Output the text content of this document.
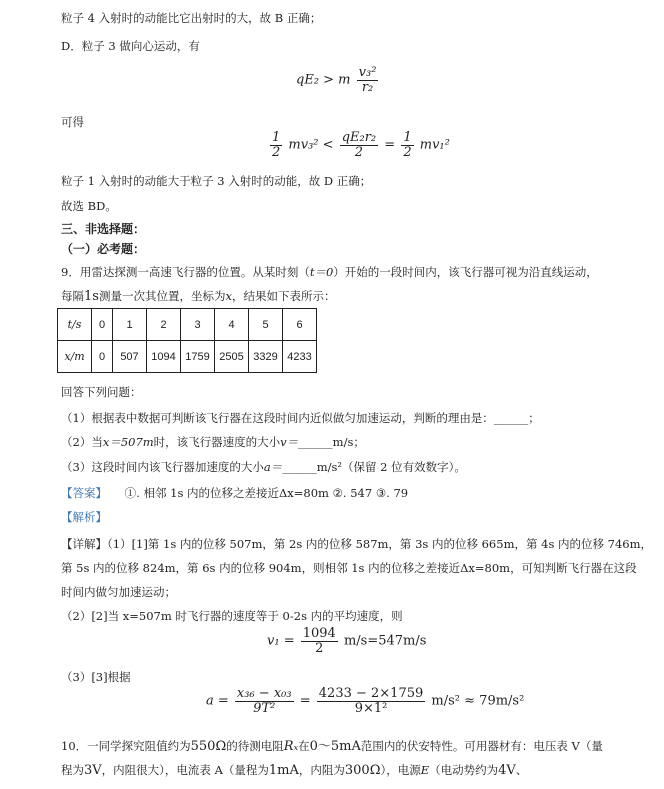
粒子 4 入射时的动能比它出射时的大，故 B 正确；
D．粒子 3 做向心运动，有
qE₂ > m $\frac{\text{v₃²}}{\text{r₂}}$
可得
$\frac{1}{2} mv_3^2 < \frac{\text{qE₂r₂}}{2} = \frac{1}{2} mv_1^2$
粒子 1 入射时的动能大于粒子 3 入射时的动能，故 D 正确；
故选 BD。
三、非选择题：
（一）必考题：
9．用雷达探测一高速飞行器的位置。从某时刻（t＝0）开始的一段时间内，该飞行器可视为沿直线运动，
每隔1s测量一次其位置，坐标为x，结果如下表所示：
t/s	0	1	2	3	4	5	6
x/m	0	507	1094	1759	2505	3329	4233
回答下列问题：
（1）根据表中数据可判断该飞行器在这段时间内近似做匀加速运动，判断的理由是：______；
（2）当x＝507m时，该飞行器速度的大小v＝______m/s；
（3）这段时间内该飞行器加速度的大小a＝______m/s²（保留 2 位有效数字）。
【答案】 ①. 相邻 1s 内的位移之差接近Δx=80m ②. 547 ③. 79
【解析】
【详解】（1）[1]第 1s 内的位移 507m，第 2s 内的位移 587m，第 3s 内的位移 665m，第 4s 内的位移 746m，
第 5s 内的位移 824m，第 6s 内的位移 904m，则相邻 1s 内的位移之差接近Δx=80m，可知判断飞行器在这段
时间内做匀加速运动；
（2）[2]当 x=507m 时飞行器的速度等于 0-2s 内的平均速度，则
$v_1 = \frac{1094}{2} m/s=547m/s$
（3）[3]根据
$a = \frac{\text{x₃₆ − x₀₃}}{\text{9T²}} = \frac{4233 - 2\times 1759}{\text{9×1²}} m/s^2 \approx 79m/s^2$
10．一同学探究阻值约为550Ω的待测电阻Rₓ在0～5mA范围内的伏安特性。可用器材有：电压表 V（量
程为3V，内阻很大），电流表 A（量程为1mA，内阻为300Ω），电源E（电动势约为4V、
